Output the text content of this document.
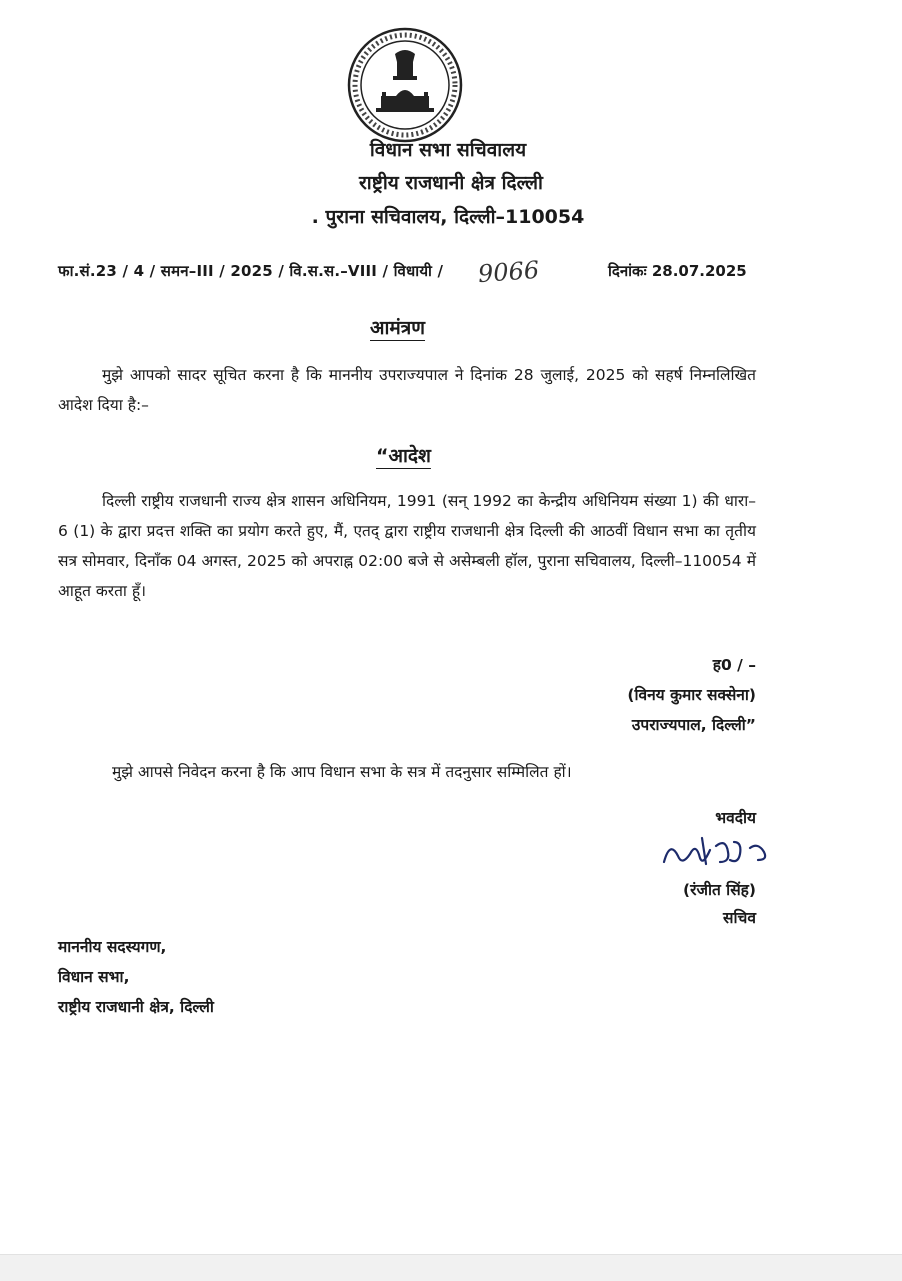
विधान सभा सचिवालय
राष्ट्रीय राजधानी क्षेत्र दिल्ली
. पुराना सचिवालय, दिल्ली–110054
फा.सं.23 / 4 / समन–III / 2025 / वि.स.स.–VIII / विधायी / 9066	दिनांकः 28.07.2025
आमंत्रण
मुझे आपको सादर सूचित करना है कि माननीय उपराज्यपाल ने दिनांक 28 जुलाई, 2025 को सहर्ष निम्नलिखित आदेश दिया है:–
“आदेश
दिल्ली राष्ट्रीय राजधानी राज्य क्षेत्र शासन अधिनियम, 1991 (सन् 1992 का केन्द्रीय अधिनियम संख्या 1) की धारा–6 (1) के द्वारा प्रदत्त शक्ति का प्रयोग करते हुए, मैं, एतद् द्वारा राष्ट्रीय राजधानी क्षेत्र दिल्ली की आठवीं विधान सभा का तृतीय सत्र सोमवार, दिनाँक 04 अगस्त, 2025 को अपराह्न 02:00 बजे से असेम्बली हॉल, पुराना सचिवालय, दिल्ली–110054 में आहूत करता हूँ।
ह0 / –
(विनय कुमार सक्सेना)
उपराज्यपाल, दिल्ली”
मुझे आपसे निवेदन करना है कि आप विधान सभा के सत्र में तदनुसार सम्मिलित हों।
भवदीय
(रंजीत सिंह)
सचिव
माननीय सदस्यगण,
विधान सभा,
राष्ट्रीय राजधानी क्षेत्र, दिल्ली
